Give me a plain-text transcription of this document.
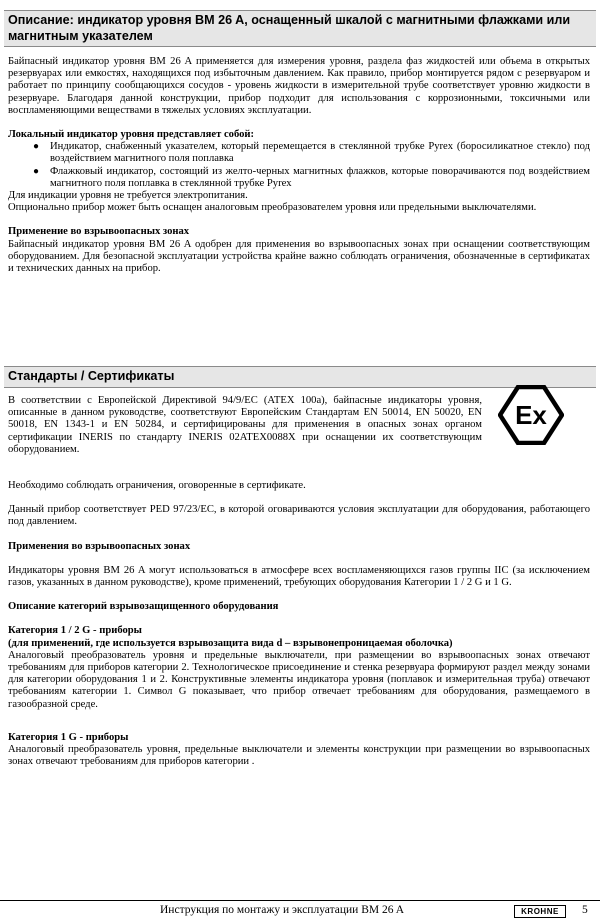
Описание: индикатор уровня BM 26 A, оснащенный шкалой с магнитными флажками или магнитным указателем

Байпасный индикатор уровня BM 26 A применяется для измерения уровня, раздела фаз жидкостей или объема в открытых резервуарах или емкостях, находящихся под избыточным давлением. Как правило, прибор монтируется рядом с резервуаром и работает по принципу сообщающихся сосудов - уровень жидкости в измерительной трубе соответствует уровню жидкости в резервуаре. Благодаря данной конструкции, прибор подходит для использования с коррозионными, токсичными или воспламеняющими веществами в тяжелых условиях эксплуатации.

Локальный индикатор уровня представляет собой:

● Индикатор, снабженный указателем, который перемещается в стеклянной трубке Pyrex (боросиликатное стекло) под воздействием магнитного поля поплавка
● Флажковый индикатор, состоящий из желто-черных магнитных флажков, которые поворачиваются под воздействием магнитного поля поплавка в стеклянной трубке Pyrex

Для индикации уровня не требуется электропитания.

Опционально прибор может быть оснащен аналоговым преобразователем уровня или предельными выключателями.

Применение во взрывоопасных зонах

Байпасный индикатор уровня BM 26 A одобрен для применения во взрывоопасных зонах при оснащении соответствующим оборудованием. Для безопасной эксплуатации устройства крайне важно соблюдать ограничения, обозначенные в сертификатах и технических данных на прибор.

Стандарты / Сертификаты

В соответствии с Европейской Директивой 94/9/EC (ATEX 100a), байпасные индикаторы уровня, описанные в данном руководстве, соответствуют Европейским Стандартам EN 50014, EN 50020, EN 50018, EN 1343-1 и EN 50284, и сертифицированы для применения в опасных зонах органом сертификации INERIS по стандарту INERIS 02ATEX0088X при оснащении их соответствующим оборудованием.

Ex

Необходимо соблюдать ограничения, оговоренные в сертификате.

Данный прибор соответствует PED 97/23/EC, в которой оговариваются условия эксплуатации для оборудования, работающего под давлением.

Применения во взрывоопасных зонах

Индикаторы уровня BM 26 A могут использоваться в атмосфере всех воспламеняющихся газов группы IIC (за исключением газов, указанных в данном руководстве), кроме применений, требующих оборудования Категории 1 / 2 G и 1 G.

Описание категорий взрывозащищенного оборудования

Категория 1 / 2 G - приборы

(для применений, где используется взрывозащита вида d – взрывонепроницаемая оболочка)

Аналоговый преобразователь уровня и предельные выключатели, при размещении во взрывоопасных зонах отвечают требованиям для приборов категории 2. Технологическое присоединение и стенка резервуара формируют раздел между зонами для категории оборудования 1 и 2. Конструктивные элементы индикатора уровня (поплавок и измерительная труба) отвечают требованиям категории 1. Символ G показывает, что прибор отвечает требованиям для оборудования, размещаемого в газообразной среде.

Категория 1 G - приборы

Аналоговый преобразователь уровня, предельные выключатели и элементы конструкции при размещении во взрывоопасных зонах отвечают требованиям для приборов категории .

Инструкция по монтажу и эксплуатации BM 26 A	KROHNE	5
